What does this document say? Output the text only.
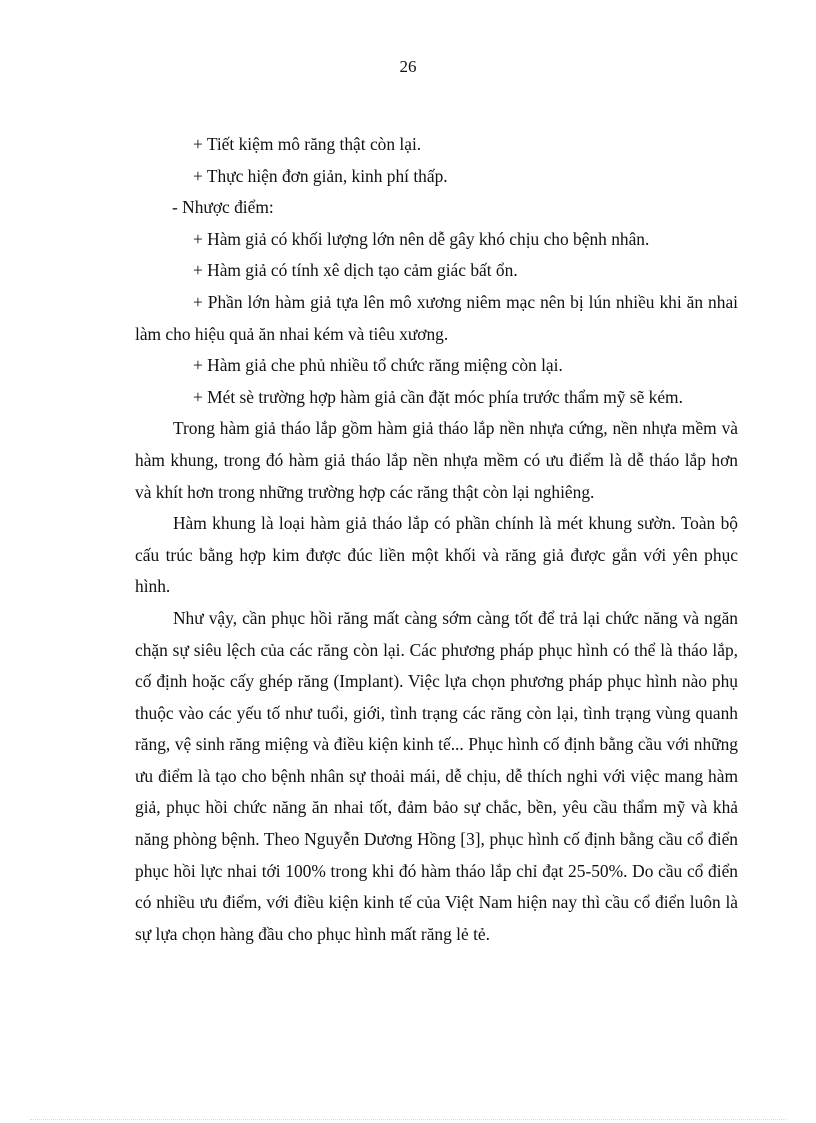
26

+ Tiết kiệm mô răng thật còn lại.

+ Thực hiện đơn giản, kinh phí thấp.

- Nhược điểm:

+ Hàm giả có khối lượng lớn nên dễ gây khó chịu cho bệnh nhân.

+ Hàm giả có tính xê dịch tạo cảm giác bất ổn.

+ Phần lớn hàm giả tựa lên mô xương niêm mạc nên bị lún nhiều khi ăn nhai làm cho hiệu quả ăn nhai kém và tiêu xương.

+ Hàm giả che phủ nhiều tổ chức răng miệng còn lại.

+ Mét sè trường hợp hàm giả cần đặt móc phía trước thẩm mỹ sẽ kém.

Trong hàm giả tháo lắp gồm hàm giả tháo lắp nền nhựa cứng, nền nhựa mềm và hàm khung, trong đó hàm giả tháo lắp nền nhựa mềm có ưu điểm là dễ tháo lắp hơn và khít hơn trong những trường hợp các răng thật còn lại nghiêng.

Hàm khung là loại hàm giả tháo lắp có phần chính là mét khung sườn. Toàn bộ cấu trúc bằng hợp kim được đúc liền một khối và răng giả được gắn với yên phục hình.

Như vậy, cần phục hồi răng mất càng sớm càng tốt để trả lại chức năng và ngăn chặn sự siêu lệch của các răng còn lại. Các phương pháp phục hình có thể là tháo lắp, cố định hoặc cấy ghép răng (Implant). Việc lựa chọn phương pháp phục hình nào phụ thuộc vào các yếu tố như tuổi, giới, tình trạng các răng còn lại, tình trạng vùng quanh răng, vệ sinh răng miệng và điều kiện kinh tế... Phục hình cố định bằng cầu với những ưu điểm là tạo cho bệnh nhân sự thoải mái, dễ chịu, dễ thích nghi với việc mang hàm giả, phục hồi chức năng ăn nhai tốt, đảm bảo sự chắc, bền, yêu cầu thẩm mỹ và khả năng phòng bệnh. Theo Nguyễn Dương Hồng [3], phục hình cố định bằng cầu cổ điển phục hồi lực nhai tới 100% trong khi đó hàm tháo lắp chỉ đạt 25-50%. Do cầu cổ điển có nhiều ưu điểm, với điều kiện kinh tế của Việt Nam hiện nay thì cầu cổ điển luôn là sự lựa chọn hàng đầu cho phục hình mất răng lẻ tẻ.
